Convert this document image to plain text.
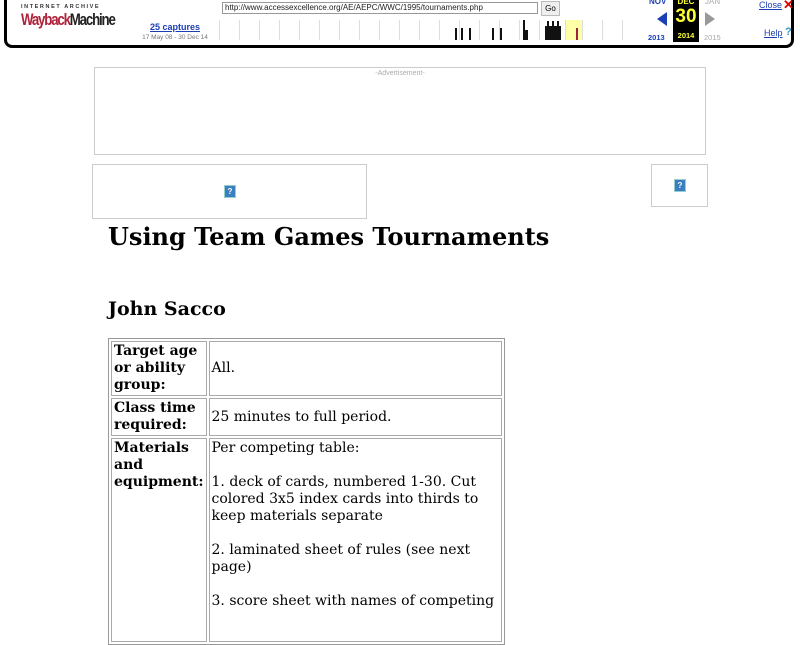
INTERNET ARCHIVE
WaybackMachine	25 captures
17 May 08 - 30 Dec 14
http://www.accessexcellence.org/AE/AEPC/WWC/1995/tournaments.php	Go
NOV
2013
DEC
30
2014
JAN
2015
Close ✕
Help ?
-Advertisement-
?
?
Using Team Games Tournaments
John Sacco
Target age or ability group:	All.
Class time required:	25 minutes to full period.
Materials and equipment:	Per competing table:

1. deck of cards, numbered 1-30. Cut colored 3x5 index cards into thirds to keep materials separate

2. laminated sheet of rules (see next page)

3. score sheet with names of competing
